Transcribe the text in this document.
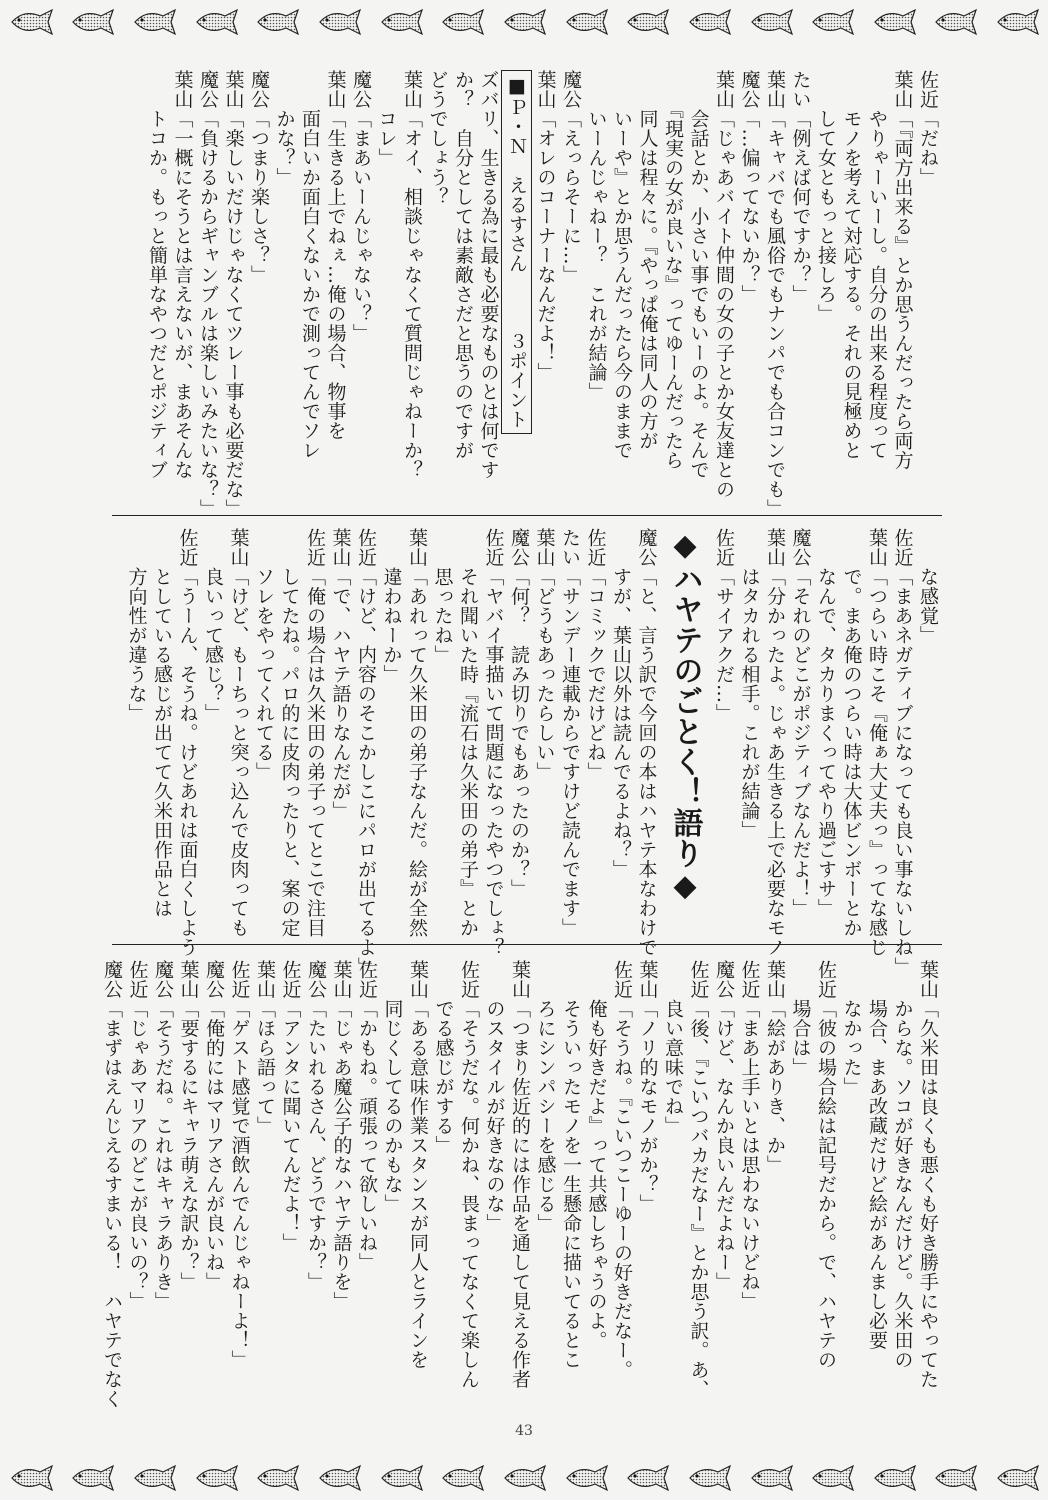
佐近「だね」
葉山「『両方出来る』とか思うんだったら両方
　　やりゃーいーし。自分の出来る程度って
　　モノを考えて対応する。それの見極めと
　　して女ともっと接しろ」
たい「例えば何ですか？」
葉山「キャバでも風俗でもナンパでも合コンでも」
魔公「…偏ってないか？」
葉山「じゃあバイト仲間の女の子とか女友達との
　　会話とか、小さい事でもいーのよ。そんで
　　『現実の女が良いな』ってゆーんだったら
　　同人は程々に。『やっぱ俺は同人の方が
　　いーや』とか思うんだったら今のままで
　　いーんじゃねー？　これが結論」
魔公「えっらそーに…」
葉山「オレのコーナーなんだよ！」
■Ｐ・Ｎ　えるすさん　　　３ポイント
ズバリ、生きる為に最も必要なものとは何です
か？　自分としては素敵さだと思うのですが
どうでしょう？
葉山「オイ、相談じゃなくて質問じゃねーか？
　　コレ」
魔公「まあいーんじゃない？」
葉山「生きる上でねぇ…俺の場合、物事を
　　面白いか面白くないかで測ってんでソレ
　　かな？」
魔公「つまり楽しさ？」
葉山「楽しいだけじゃなくてツレー事も必要だな」
魔公「負けるからギャンブルは楽しいみたいな？」
葉山「一概にそうとは言えないが、まあそんな
　　トコか。もっと簡単なやつだとポジティブ
　　な感覚」
佐近「まあネガティブになっても良い事ないしね」
葉山「つらい時こそ『俺ぁ大丈夫っ』ってな感じ
　　で。まあ俺のつらい時は大体ビンボーとか
　　なんで、タカりまくってやり過ごすサ」
魔公「それのどこがポジティブなんだよ！」
葉山「分かったよ。じゃあ生きる上で必要なモノ
　　はタカれる相手。これが結論」
佐近「サイアクだ…」
◆ハヤテのごとく！語り◆
魔公「と、言う訳で今回の本はハヤテ本なわけで
　　すが、葉山以外は読んでるよね？」
佐近「コミックでだけどね」
たい「サンデー連載からですけど読んでます」
葉山「どうもあったらしい」
魔公「何？　読み切りでもあったのか？」
佐近「ヤバイ事描いて問題になったやつでしょ？
　　それ聞いた時『流石は久米田の弟子』とか
　　思ったね」
葉山「あれって久米田の弟子なんだ。絵が全然
　　違わねーか」
佐近「けど、内容のそこかしこにパロが出てるよ」
葉山「で、ハヤテ語りなんだが」
佐近「俺の場合は久米田の弟子ってとこで注目
　　してたね。パロ的に皮肉ったりと、案の定
　　ソレをやってくれてる」
葉山「けど、もーちっと突っ込んで皮肉っても
　　良いって感じ？」
佐近「うーん、そうね。けどあれは面白くしよう
　　としている感じが出てて久米田作品とは
　　方向性が違うな」
葉山「久米田は良くも悪くも好き勝手にやってた
　　からな。ソコが好きなんだけど。久米田の
　　場合、まあ改蔵だけど絵があんまし必要
　　なかった」
佐近「彼の場合絵は記号だから。で、ハヤテの
　　場合は」
葉山「絵がありき、か」
佐近「まあ上手いとは思わないけどね」
魔公「けど、なんか良いんだよねー」
佐近「後、『こいつバカだなー』とか思う訳。あ、
　　良い意味でね」
葉山「ノリ的なモノがか？」
佐近「そうね。『こいつこーゆーの好きだなー。
　　俺も好きだよ』って共感しちゃうのよ。
　　そういったモノを一生懸命に描いてるとこ
　　ろにシンパシーを感じる」
葉山「つまり佐近的には作品を通して見える作者
　　のスタイルが好きなのな」
佐近「そうだな。何かね、畏まってなくて楽しん
　　でる感じがする」
葉山「ある意味作業スタンスが同人とラインを
　　同じくしてるのかもな」
佐近「かもね。頑張って欲しいね」
葉山「じゃあ魔公子的なハヤテ語りを」
魔公「たいれるさん、どうですか？」
佐近「アンタに聞いてんだよ！」
葉山「ほら語って」
佐近「ゲスト感覚で酒飲んでんじゃねーよ！」
魔公「俺的にはマリアさんが良いね」
葉山「要するにキャラ萌えな訳か？」
魔公「そうだね。これはキャラありき」
佐近「じゃあマリアのどこが良いの？」
魔公「まずはえんじえるすまいる！　ハヤテでなく
43
